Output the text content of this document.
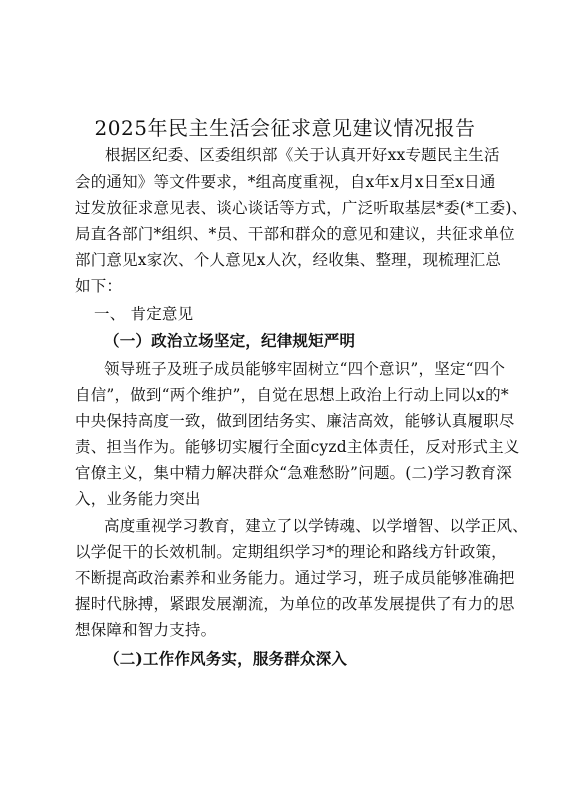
2025年民主生活会征求意见建议情况报告
根据区纪委、区委组织部《关于认真开好xx专题民主生活
会的通知》等文件要求，*组高度重视，自x年x月x日至x日通
过发放征求意见表、谈心谈话等方式，广泛听取基层*委(*工委)、
局直各部门*组织、*员、干部和群众的意见和建议，共征求单位
部门意见x家次、个人意见x人次，经收集、整理，现梳理汇总
如下：
一、 肯定意见
（一）政治立场坚定，纪律规矩严明
领导班子及班子成员能够牢固树立“四个意识”，坚定“四个
自信”，做到“两个维护”，自觉在思想上政治上行动上同以x的*
中央保持高度一致，做到团结务实、廉洁高效，能够认真履职尽
责、担当作为。能够切实履行全面cyzd主体责任，反对形式主义
官僚主义，集中精力解决群众“急难愁盼”问题。(二)学习教育深
入，业务能力突出
高度重视学习教育，建立了以学铸魂、以学增智、以学正风、
以学促干的长效机制。定期组织学习*的理论和路线方针政策，
不断提高政治素养和业务能力。通过学习，班子成员能够准确把
握时代脉搏，紧跟发展潮流，为单位的改革发展提供了有力的思
想保障和智力支持。
（二)工作作风务实，服务群众深入
